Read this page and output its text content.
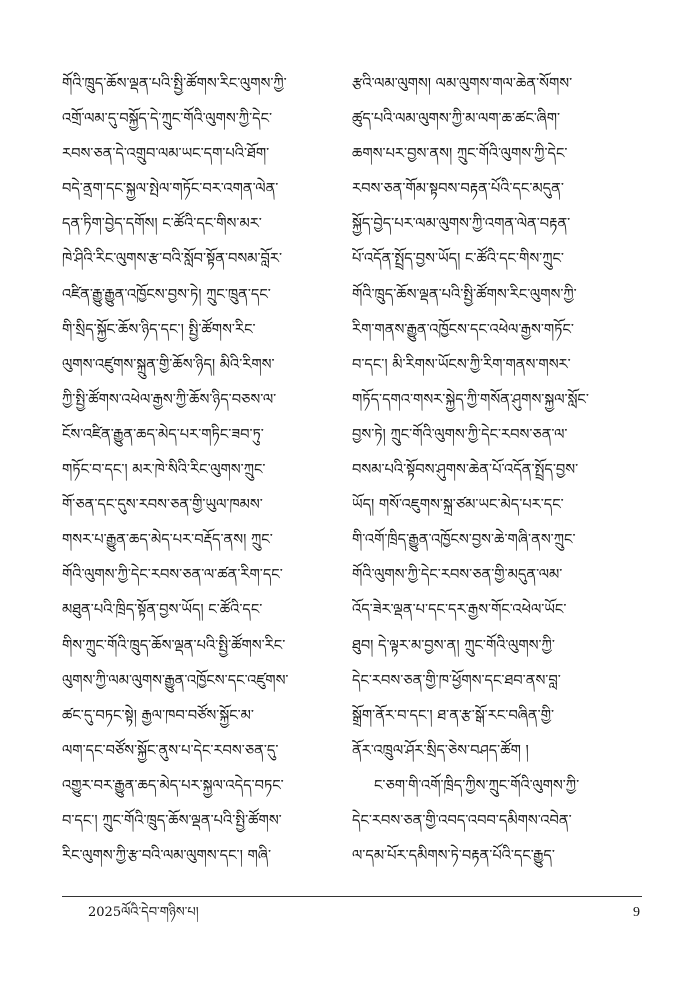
གོའི་ཁྲུད་ཆོས་ལྡན་པའི་སྤྱི་ཚོགས་རིང་ལུགས་ཀྱི་
འགྲོ་ལམ་དུ་བསྐྱོད་དེ་ཀྲུང་གོའི་ལུགས་ཀྱི་དེང་
རབས་ཅན་དེ་འགྲུབ་ལམ་ཡང་དག་པའི་ཐོག་
བདེ་ནྲག་དང་སྐྱལ་སྤེལ་གཏོང་བར་འགན་ལེན་
དན་ཏིག་བྱེད་དགོས། ང་ཚོའི་དང་གིས་མར་
ཁེ་ཤིའི་རིང་ལུགས་རྩ་བའི་སློབ་སྟོན་བསམ་བློར་
འཛིན་རྒྱུ་རྒྱུན་འཁྱོངས་བྱས་ཏེ། ཀྲུང་ཁྲུན་དང་
གི་སྲིད་སྐྱོང་ཆོས་ཉིད་དང་། སྤྱི་ཚོགས་རིང་
ལུགས་འཛུགས་སྐྲུན་གྱི་ཆོས་ཉིད། མིའི་རིགས་
ཀྱི་སྤྱི་ཚོགས་འཕེལ་རྒྱས་ཀྱི་ཆོས་ཉིད་བཅས་ལ་
ངོས་འཛིན་རྒྱུན་ཆད་མེད་པར་གཏིང་ཟབ་ཏུ་
གཏོང་བ་དང་། མར་ཁེ་སིའི་རིང་ལུགས་ཀྲུང་
གོ་ཅན་དང་དུས་རབས་ཅན་གྱི་ཡུལ་ཁམས་
གསར་པ་རྒྱུན་ཆད་མེད་པར་བརྡོད་ནས། ཀྲུང་
གོའི་ལུགས་ཀྱི་དེང་རབས་ཅན་ལ་ཚན་རིག་དང་
མཐུན་པའི་ཁྲིད་སྟོན་བྱས་ཡོད། ང་ཚོའི་དང་
གིས་ཀྲུང་གོའི་ཁྲུད་ཆོས་ལྡན་པའི་སྤྱི་ཚོགས་རིང་
ལུགས་ཀྱི་ལམ་ལུགས་རྒྱུན་འཁྱོངས་དང་འཛུགས་
ཚང་དུ་བཏང་སྟེ། རྒྱལ་ཁབ་བཙོས་སྐྱོང་མ་
ལག་དང་བཙོས་སྐྱོང་ནུས་པ་དེང་རབས་ཅན་དུ་
འགྱུར་བར་རྒྱུན་ཆད་མེད་པར་སྐྱལ་འདེད་བཏང་
བ་དང་། ཀྲུང་གོའི་ཁྲུད་ཆོས་ལྡན་པའི་སྤྱི་ཚོགས་
རིང་ལུགས་ཀྱི་རྩ་བའི་ལམ་ལུགས་དང་། གཞི་
རྩའི་ལམ་ལུགས། ལམ་ལུགས་གལ་ཆེན་སོགས་
ཚུད་པའི་ལམ་ལུགས་ཀྱི་མ་ལག་ཆ་ཚང་ཞིག་
ཆགས་པར་བྱས་ནས། ཀྲུང་གོའི་ལུགས་ཀྱི་དེང་
རབས་ཅན་གོམ་སྟབས་བརྟན་པོའི་དང་མདུན་
སྐྱོད་བྱེད་པར་ལམ་ལུགས་ཀྱི་འགན་ལེན་བརྟན་
པོ་འདོན་སྤྲོད་བྱས་ཡོད། ང་ཚོའི་དང་གིས་ཀྲུང་
གོའི་ཁྲུད་ཆོས་ལྡན་པའི་སྤྱི་ཚོགས་རིང་ལུགས་ཀྱི་
རིག་གནས་རྒྱུན་འཁྱོངས་དང་འཕེལ་རྒྱས་གཏོང་
བ་དང་། མི་རིགས་ཡོངས་ཀྱི་རིག་གནས་གསར་
གཏོད་དགའ་གསར་སྐྱེད་ཀྱི་གསོན་ཤུགས་སྐྱལ་སློང་
བྱས་ཏེ། ཀྲུང་གོའི་ལུགས་ཀྱི་དེང་རབས་ཅན་ལ་
བསམ་པའི་སྟོབས་ཤུགས་ཆེན་པོ་འདོན་སྤྲོད་བྱས་
ཡོད། གསོ་འཇུགས་སྐྲ་ཙམ་ཡང་མེད་པར་དང་
གི་འགོ་ཁྲིད་རྒྱུན་འཁྱོངས་བྱས་ཆེ་གཞི་ནས་ཀྲུང་
གོའི་ལུགས་ཀྱི་དེང་རབས་ཅན་གྱི་མདུན་ལམ་
འོད་ཟེར་ལྡན་པ་དང་དར་རྒྱས་གོང་འཕེལ་ཡོང་
ཐུབ། དེ་ལྟར་མ་བྱས་ན། ཀྲུང་གོའི་ལུགས་ཀྱི་
དེང་རབས་ཅན་གྱི་ཁ་ཕྱོགས་དང་ཐབ་ནས་བླ་
སྒྲོག་ནོར་བ་དང་། ཐ་ན་རྩ་སྒོ་རང་བཞིན་གྱི་
ནོར་འཁྲུལ་ཤོར་སྲིད་ཅེས་བཤད་ཚོག །
ང་ཅག་གི་འགོ་ཁྲིད་ཀྱིས་ཀྲུང་གོའི་ལུགས་ཀྱི་
དེང་རབས་ཅན་གྱི་འབད་འབབ་དམིགས་འབེན་
ལ་དམ་པོར་དམིགས་ཏེ་བརྟན་པོའི་དང་རྒྱུད་
2025ལོའི་དེབ་གཉིས་པ།	9
